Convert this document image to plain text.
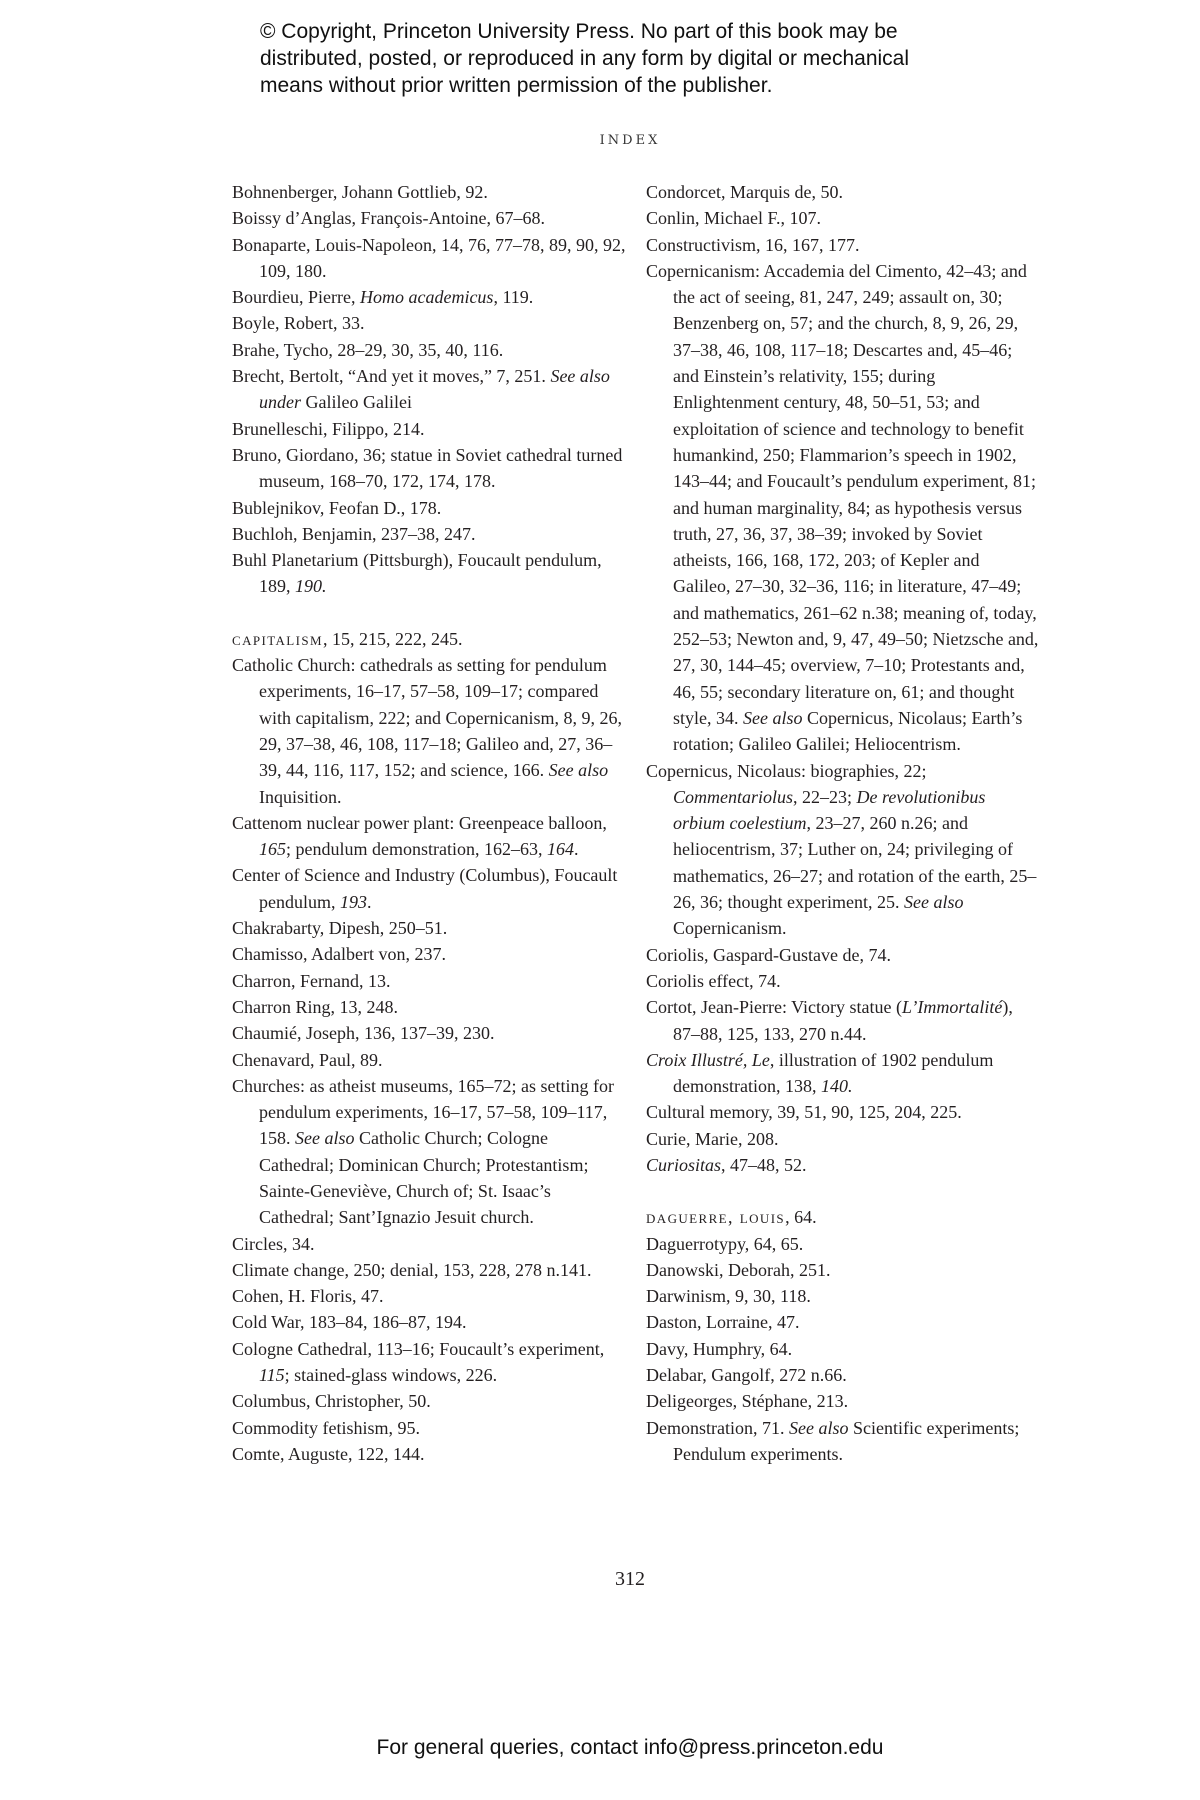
© Copyright, Princeton University Press. No part of this book may be distributed, posted, or reproduced in any form by digital or mechanical means without prior written permission of the publisher.
INDEX
Bohnenberger, Johann Gottlieb, 92.
Boissy d’Anglas, François-Antoine, 67–68.
Bonaparte, Louis-Napoleon, 14, 76, 77–78, 89, 90, 92, 109, 180.
Bourdieu, Pierre, Homo academicus, 119.
Boyle, Robert, 33.
Brahe, Tycho, 28–29, 30, 35, 40, 116.
Brecht, Bertolt, “And yet it moves,” 7, 251. See also under Galileo Galilei
Brunelleschi, Filippo, 214.
Bruno, Giordano, 36; statue in Soviet cathedral turned museum, 168–70, 172, 174, 178.
Bublejnikov, Feofan D., 178.
Buchloh, Benjamin, 237–38, 247.
Buhl Planetarium (Pittsburgh), Foucault pendulum, 189, 190.
capitalism, 15, 215, 222, 245.
Catholic Church: cathedrals as setting for pendulum experiments, 16–17, 57–58, 109–17; compared with capitalism, 222; and Copernicanism, 8, 9, 26, 29, 37–38, 46, 108, 117–18; Galileo and, 27, 36–39, 44, 116, 117, 152; and science, 166. See also Inquisition.
Cattenom nuclear power plant: Greenpeace balloon, 165; pendulum demonstration, 162–63, 164.
Center of Science and Industry (Columbus), Foucault pendulum, 193.
Chakrabarty, Dipesh, 250–51.
Chamisso, Adalbert von, 237.
Charron, Fernand, 13.
Charron Ring, 13, 248.
Chaumié, Joseph, 136, 137–39, 230.
Chenavard, Paul, 89.
Churches: as atheist museums, 165–72; as setting for pendulum experiments, 16–17, 57–58, 109–117, 158. See also Catholic Church; Cologne Cathedral; Dominican Church; Protestantism; Sainte-Geneviève, Church of; St. Isaac’s Cathedral; Sant’Ignazio Jesuit church.
Circles, 34.
Climate change, 250; denial, 153, 228, 278 n.141.
Cohen, H. Floris, 47.
Cold War, 183–84, 186–87, 194.
Cologne Cathedral, 113–16; Foucault’s experiment, 115; stained-glass windows, 226.
Columbus, Christopher, 50.
Commodity fetishism, 95.
Comte, Auguste, 122, 144.
Condorcet, Marquis de, 50.
Conlin, Michael F., 107.
Constructivism, 16, 167, 177.
Copernicanism: Accademia del Cimento, 42–43; and the act of seeing, 81, 247, 249; assault on, 30; Benzenberg on, 57; and the church, 8, 9, 26, 29, 37–38, 46, 108, 117–18; Descartes and, 45–46; and Einstein’s relativity, 155; during Enlightenment century, 48, 50–51, 53; and exploitation of science and technology to benefit humankind, 250; Flammarion’s speech in 1902, 143–44; and Foucault’s pendulum experiment, 81; and human marginality, 84; as hypothesis versus truth, 27, 36, 37, 38–39; invoked by Soviet atheists, 166, 168, 172, 203; of Kepler and Galileo, 27–30, 32–36, 116; in literature, 47–49; and mathematics, 261–62 n.38; meaning of, today, 252–53; Newton and, 9, 47, 49–50; Nietzsche and, 27, 30, 144–45; overview, 7–10; Protestants and, 46, 55; secondary literature on, 61; and thought style, 34. See also Copernicus, Nicolaus; Earth’s rotation; Galileo Galilei; Heliocentrism.
Copernicus, Nicolaus: biographies, 22; Commentariolus, 22–23; De revolutionibus orbium coelestium, 23–27, 260 n.26; and heliocentrism, 37; Luther on, 24; privileging of mathematics, 26–27; and rotation of the earth, 25–26, 36; thought experiment, 25. See also Copernicanism.
Coriolis, Gaspard-Gustave de, 74.
Coriolis effect, 74.
Cortot, Jean-Pierre: Victory statue (L’Immortalité), 87–88, 125, 133, 270 n.44.
Croix Illustré, Le, illustration of 1902 pendulum demonstration, 138, 140.
Cultural memory, 39, 51, 90, 125, 204, 225.
Curie, Marie, 208.
Curiositas, 47–48, 52.
daguerre, louis, 64.
Daguerrotypy, 64, 65.
Danowski, Deborah, 251.
Darwinism, 9, 30, 118.
Daston, Lorraine, 47.
Davy, Humphry, 64.
Delabar, Gangolf, 272 n.66.
Deligeorges, Stéphane, 213.
Demonstration, 71. See also Scientific experiments; Pendulum experiments.
312
For general queries, contact info@press.princeton.edu
